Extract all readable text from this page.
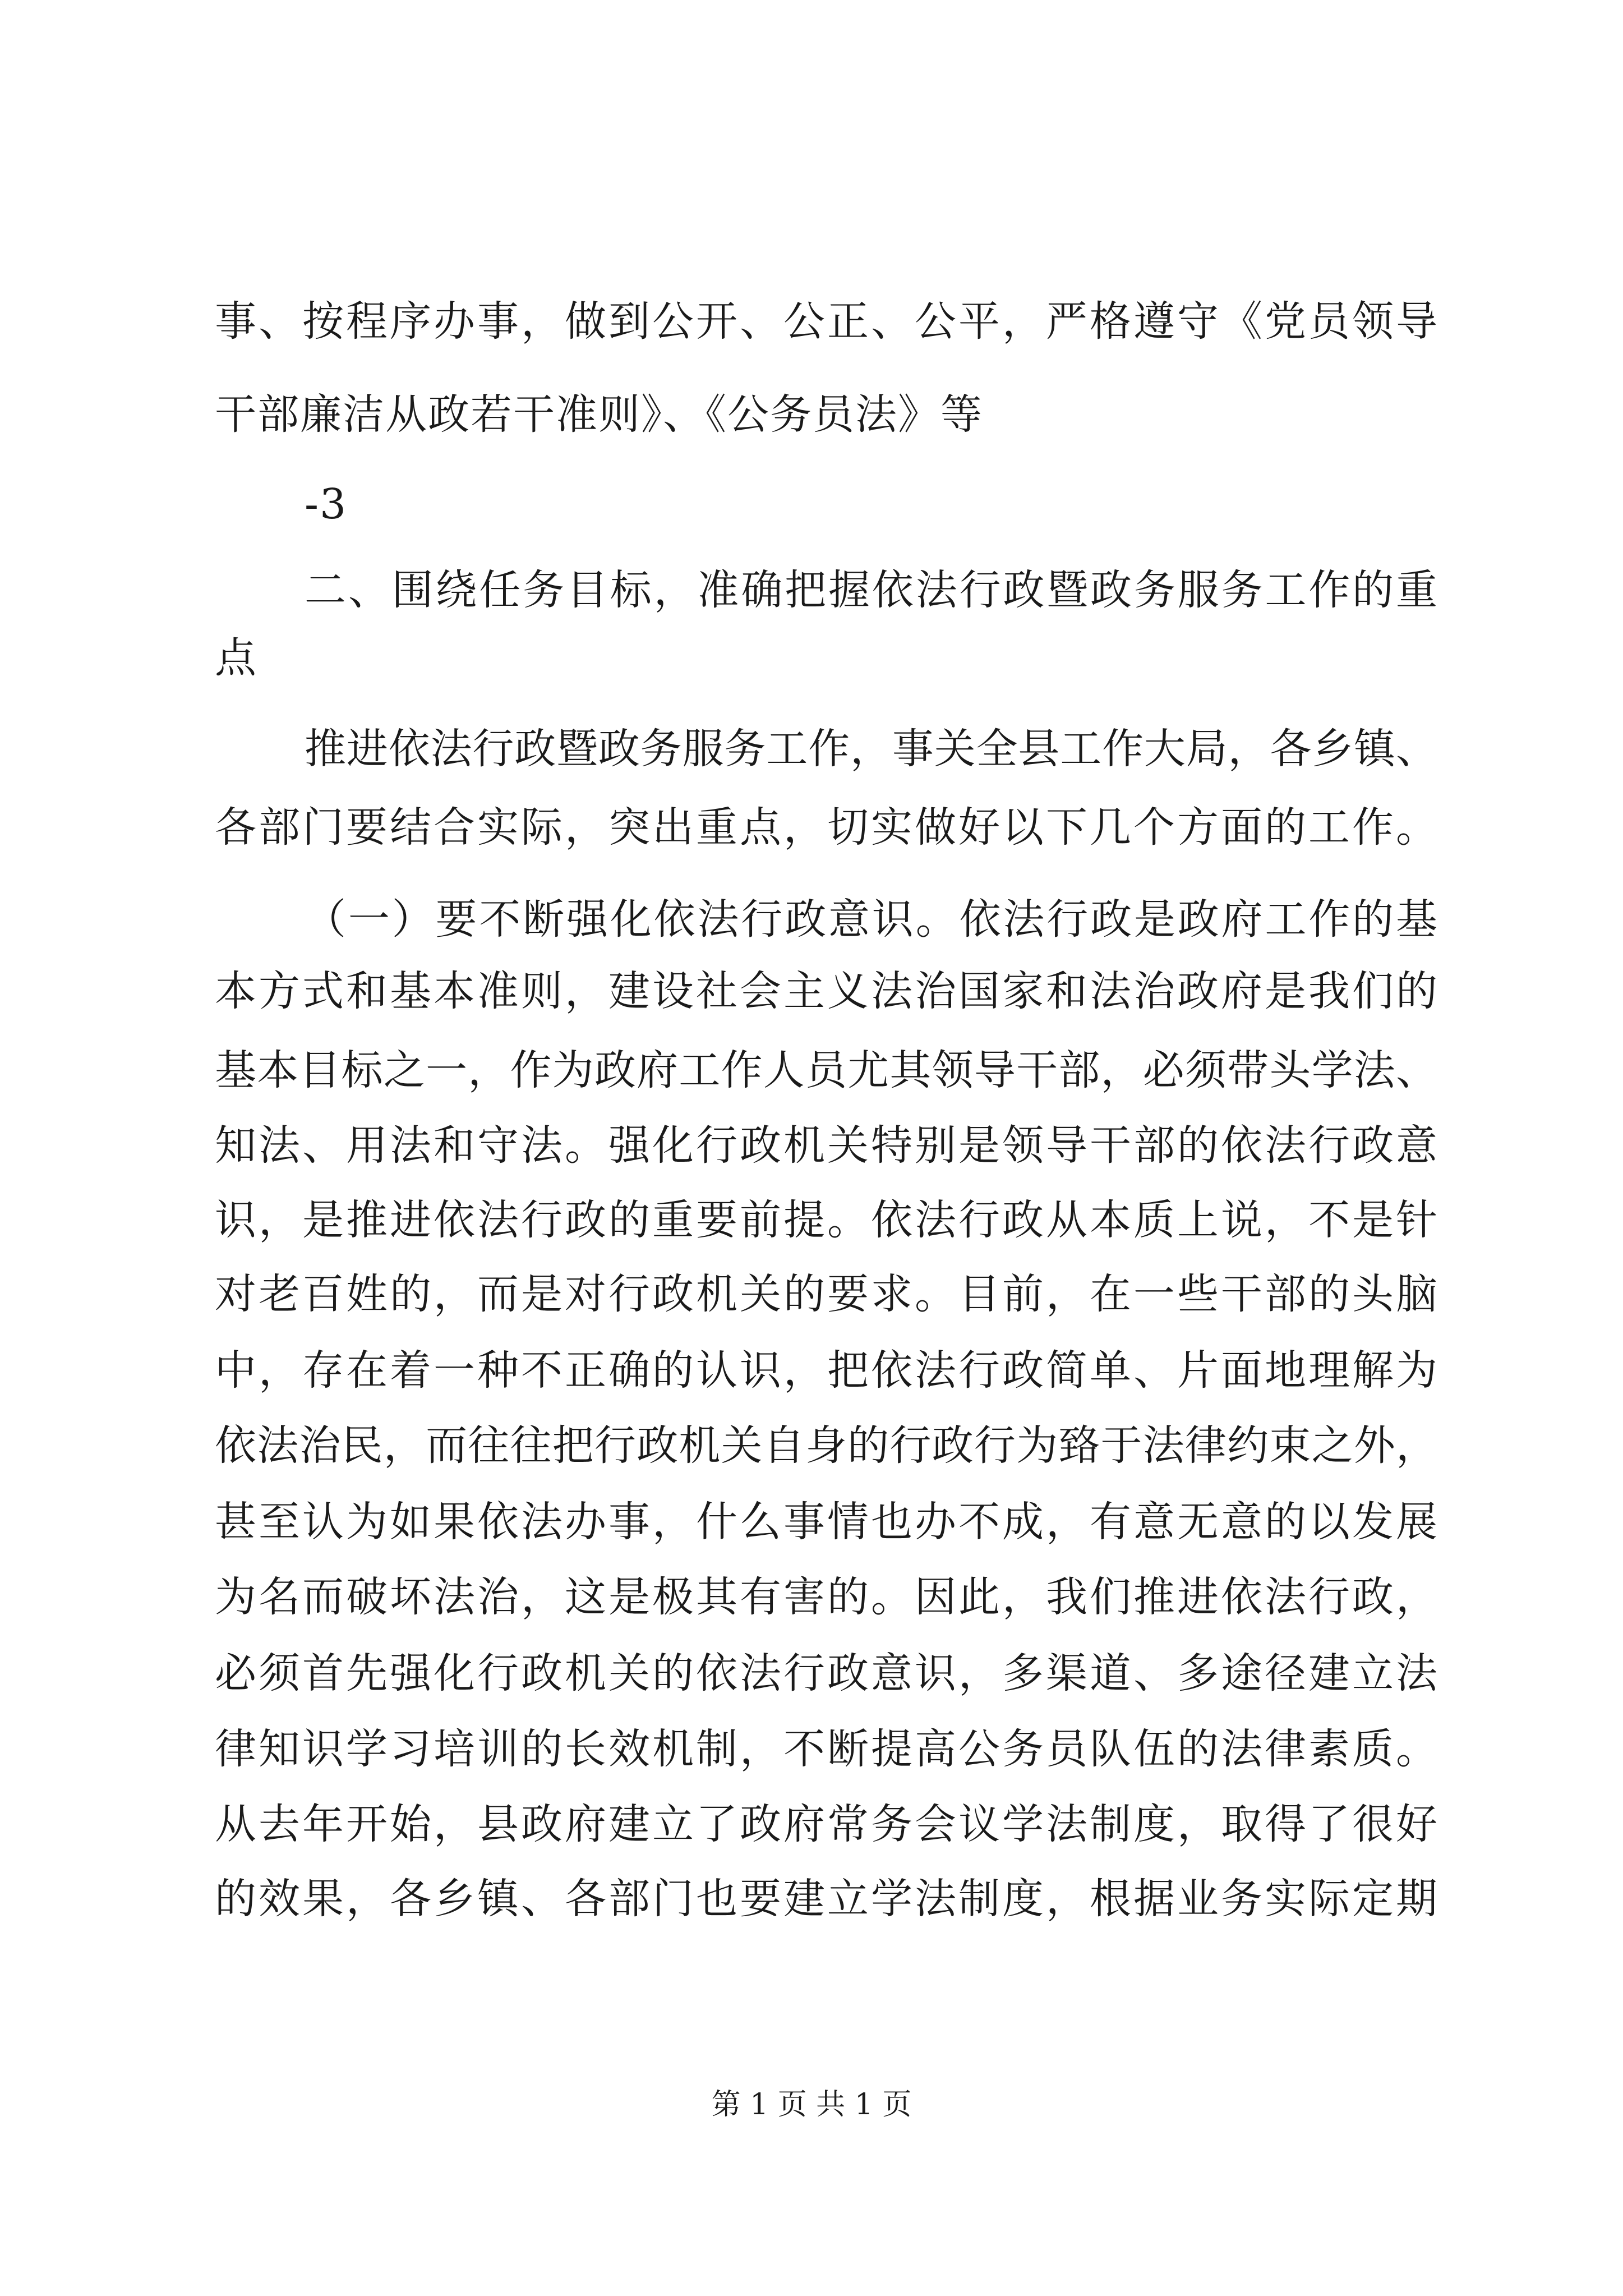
事、按程序办事，做到公开、公正、公平，严格遵守《党员领导
干部廉洁从政若干准则》、《公务员法》等
-3
二、围绕任务目标，准确把握依法行政暨政务服务工作的重
点
推进依法行政暨政务服务工作，事关全县工作大局，各乡镇、
各部门要结合实际，突出重点，切实做好以下几个方面的工作。
（一）要不断强化依法行政意识。依法行政是政府工作的基
本方式和基本准则，建设社会主义法治国家和法治政府是我们的
基本目标之一，作为政府工作人员尤其领导干部，必须带头学法、
知法、用法和守法。强化行政机关特别是领导干部的依法行政意
识，是推进依法行政的重要前提。依法行政从本质上说，不是针
对老百姓的，而是对行政机关的要求。目前，在一些干部的头脑
中，存在着一种不正确的认识，把依法行政简单、片面地理解为
依法治民，而往往把行政机关自身的行政行为臵于法律约束之外，
甚至认为如果依法办事，什么事情也办不成，有意无意的以发展
为名而破坏法治，这是极其有害的。因此，我们推进依法行政，
必须首先强化行政机关的依法行政意识，多渠道、多途径建立法
律知识学习培训的长效机制，不断提高公务员队伍的法律素质。
从去年开始，县政府建立了政府常务会议学法制度，取得了很好
的效果，各乡镇、各部门也要建立学法制度，根据业务实际定期
第 1 页 共 1 页
